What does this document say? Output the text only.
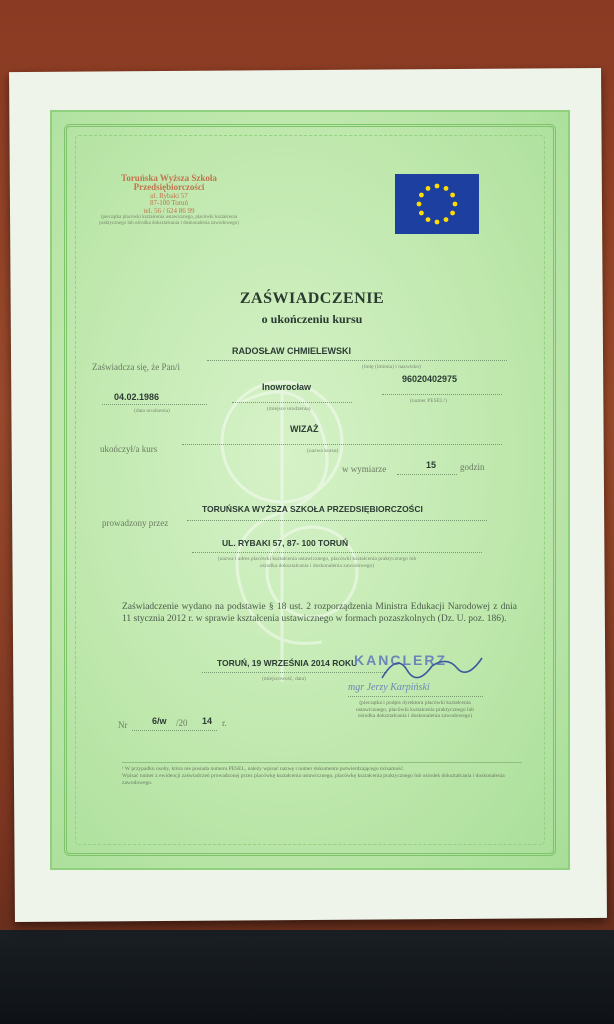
Toruńska Wyższa Szkoła
Przedsiębiorczości
ul. Rybaki 57
87-100 Toruń
tel. 56 / 624 86 99
(pieczątka placówki kształcenia ustawicznego, placówki kształcenia praktycznego lub ośrodka dokształcania i doskonalenia zawodowego)
ZAŚWIADCZENIE
o ukończeniu kursu
Zaświadcza się, że Pan/i
RADOSŁAW CHMIELEWSKI
(imię (imiona) i nazwisko)
04.02.1986
(data urodzenia)
Inowrocław
(miejsce urodzenia)
96020402975
(numer PESEL¹)
WIZAŻ
ukończył/a kurs	(nazwa kursu)
w wymiarze	15	godzin
prowadzony przez
TORUŃSKA WYŻSZA SZKOŁA PRZEDSIĘBIORCZOŚCI
UL. RYBAKI 57, 87- 100 TORUŃ
(nazwa i adres placówki kształcenia ustawicznego, placówki kształcenia praktycznego lub ośrodka dokształcania i doskonalenia zawodowego)
Zaświadczenie wydano na podstawie § 18 ust. 2 rozporządzenia Ministra Edukacji Narodowej z dnia 11 stycznia 2012 r. w sprawie kształcenia ustawicznego w formach pozaszkolnych (Dz. U. poz. 186).
TORUŃ, 19 WRZEŚNIA 2014 ROKU
(miejscowość, data)
KANCLERZ
mgr Jerzy Karpiński
(pieczątka i podpis dyrektora placówki kształcenia ustawicznego, placówki kształcenia praktycznego lub ośrodka dokształcania i doskonalenia zawodowego)
Nr	6/w /20 14 r.
¹ W przypadku osoby, która nie posiada numeru PESEL, należy wpisać nazwę i numer dokumentu potwierdzającego tożsamość.
Wpisać numer z ewidencji zaświadczeń prowadzonej przez placówkę kształcenia ustawicznego, placówkę kształcenia praktycznego lub ośrodek dokształcania i doskonalenia zawodowego.
